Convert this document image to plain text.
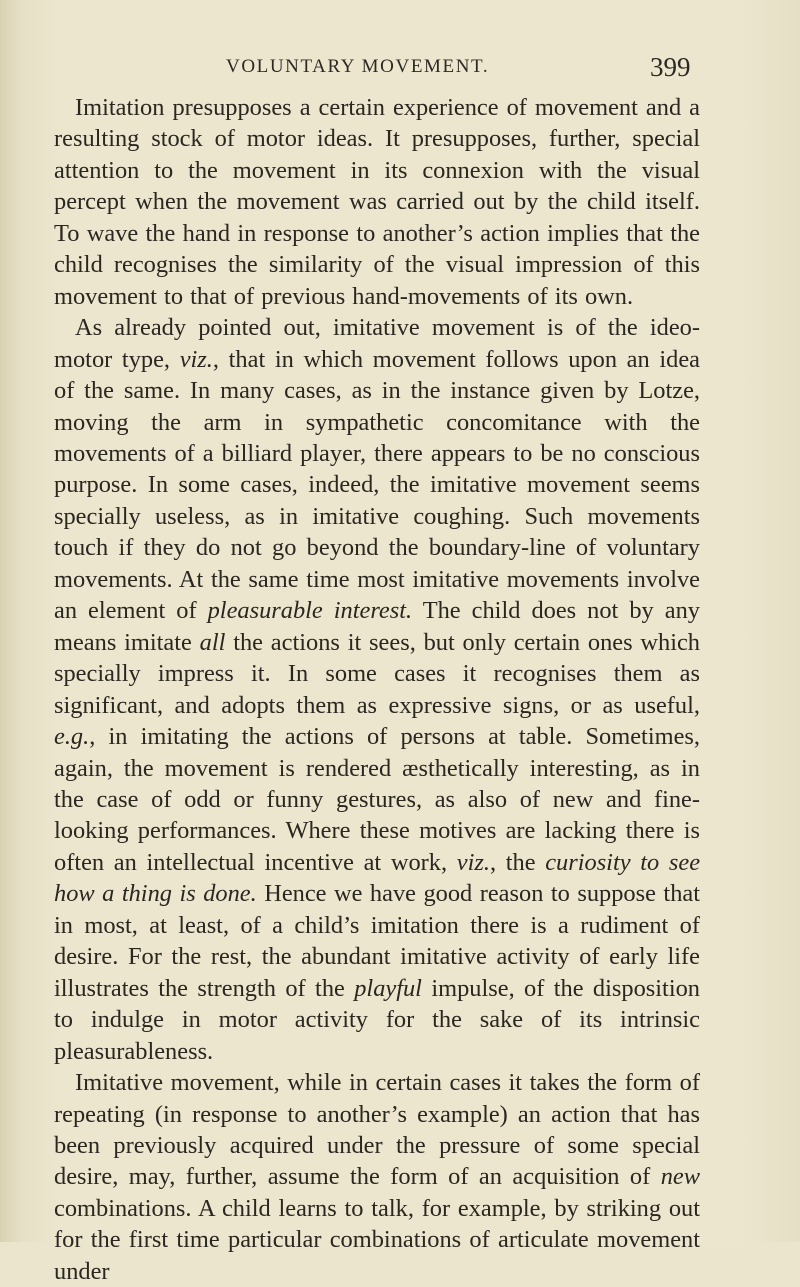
VOLUNTARY MOVEMENT.	399

Imitation presupposes a certain experience of movement and a resulting stock of motor ideas. It presupposes, further, special attention to the movement in its connexion with the visual percept when the movement was carried out by the child itself. To wave the hand in response to another’s action implies that the child recognises the similarity of the visual impression of this movement to that of previous hand-movements of its own.

As already pointed out, imitative movement is of the ideo-motor type, viz., that in which movement follows upon an idea of the same. In many cases, as in the instance given by Lotze, moving the arm in sympathetic concomitance with the movements of a billiard player, there appears to be no conscious purpose. In some cases, indeed, the imitative movement seems specially useless, as in imitative coughing. Such movements touch if they do not go beyond the boundary-line of voluntary movements. At the same time most imitative movements involve an element of pleasurable interest. The child does not by any means imitate all the actions it sees, but only certain ones which specially impress it. In some cases it recognises them as significant, and adopts them as expressive signs, or as useful, e.g., in imitating the actions of persons at table. Sometimes, again, the movement is rendered æsthetically interesting, as in the case of odd or funny gestures, as also of new and fine-looking performances. Where these motives are lacking there is often an intellectual incentive at work, viz., the curiosity to see how a thing is done. Hence we have good reason to suppose that in most, at least, of a child’s imitation there is a rudiment of desire. For the rest, the abundant imitative activity of early life illustrates the strength of the playful impulse, of the disposition to indulge in motor activity for the sake of its intrinsic pleasurableness.

Imitative movement, while in certain cases it takes the form of repeating (in response to another’s example) an action that has been previously acquired under the pressure of some special desire, may, further, assume the form of an acquisition of new combinations. A child learns to talk, for example, by striking out for the first time particular combinations of articulate movement under
